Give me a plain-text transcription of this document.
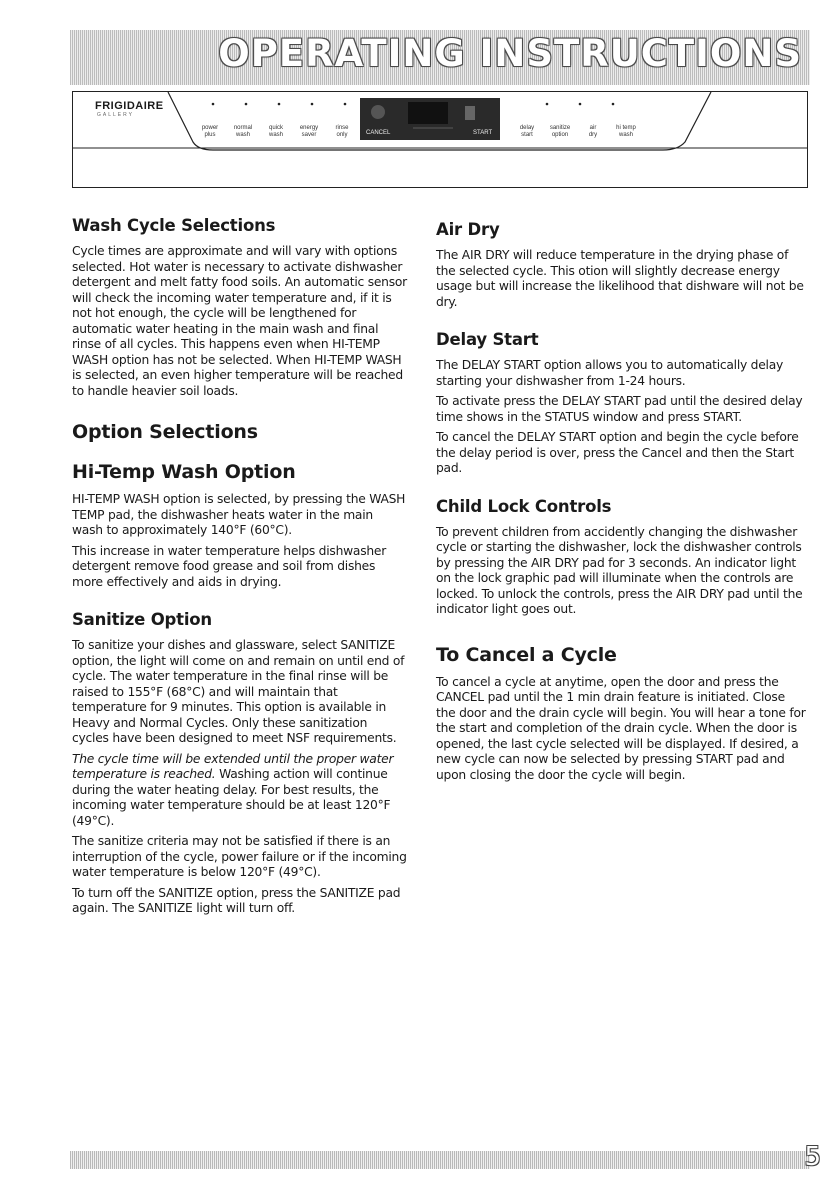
OPERATING INSTRUCTIONS
FRIGIDAIRE
GALLERY
power
plus
normal
wash
quick
wash
energy
saver
rinse
only	CANCEL	START
delay
start
sanitize
option
air
dry
hi temp
wash
Wash Cycle Selections

Cycle times are approximate and will vary with options selected. Hot water is necessary to activate dishwasher detergent and melt fatty food soils. An automatic sensor will check the incoming water temperature and, if it is not hot enough, the cycle will be lengthened for automatic water heating in the main wash and final rinse of all cycles. This happens even when HI-TEMP WASH option has not be selected. When HI-TEMP WASH is selected, an even higher temperature will be reached to handle heavier soil loads.

Option Selections
Hi-Temp Wash Option

HI-TEMP WASH option is selected, by pressing the WASH TEMP pad, the dishwasher heats water in the main wash to approximately 140°F (60°C).

This increase in water temperature helps dishwasher detergent remove food grease and soil from dishes more effectively and aids in drying.

Sanitize Option

To sanitize your dishes and glassware, select SANITIZE option, the light will come on and remain on until end of cycle. The water temperature in the final rinse will be raised to 155°F (68°C) and will maintain that temperature for 9 minutes. This option is available in Heavy and Normal Cycles. Only these sanitization cycles have been designed to meet NSF requirements.

The cycle time will be extended until the proper water temperature is reached. Washing action will continue during the water heating delay. For best results, the incoming water temperature should be at least 120°F (49°C).

The sanitize criteria may not be satisfied if there is an interruption of the cycle, power failure or if the incoming water temperature is below 120°F (49°C).

To turn off the SANITIZE option, press the SANITIZE pad again. The SANITIZE light will turn off.

Air Dry

The AIR DRY will reduce temperature in the drying phase of the selected cycle. This otion will slightly decrease energy usage but will increase the likelihood that dishware will not be dry.

Delay Start

The DELAY START option allows you to automatically delay starting your dishwasher from 1-24 hours.

To activate press the DELAY START pad until the desired delay time shows in the STATUS window and press START.

To cancel the DELAY START option and begin the cycle before the delay period is over, press the Cancel and then the Start pad.

Child Lock Controls

To prevent children from accidently changing the dishwasher cycle or starting the dishwasher, lock the dishwasher controls by pressing the AIR DRY pad for 3 seconds. An indicator light on the lock graphic pad will illuminate when the controls are locked. To unlock the controls, press the AIR DRY pad until the indicator light goes out.

To Cancel a Cycle

To cancel a cycle at anytime, open the door and press the CANCEL pad until the 1 min drain feature is initiated. Close the door and the drain cycle will begin. You will hear a tone for the start and completion of the drain cycle. When the door is opened, the last cycle selected will be displayed. If desired, a new cycle can now be selected by pressing START pad and upon closing the door the cycle will begin.

5
